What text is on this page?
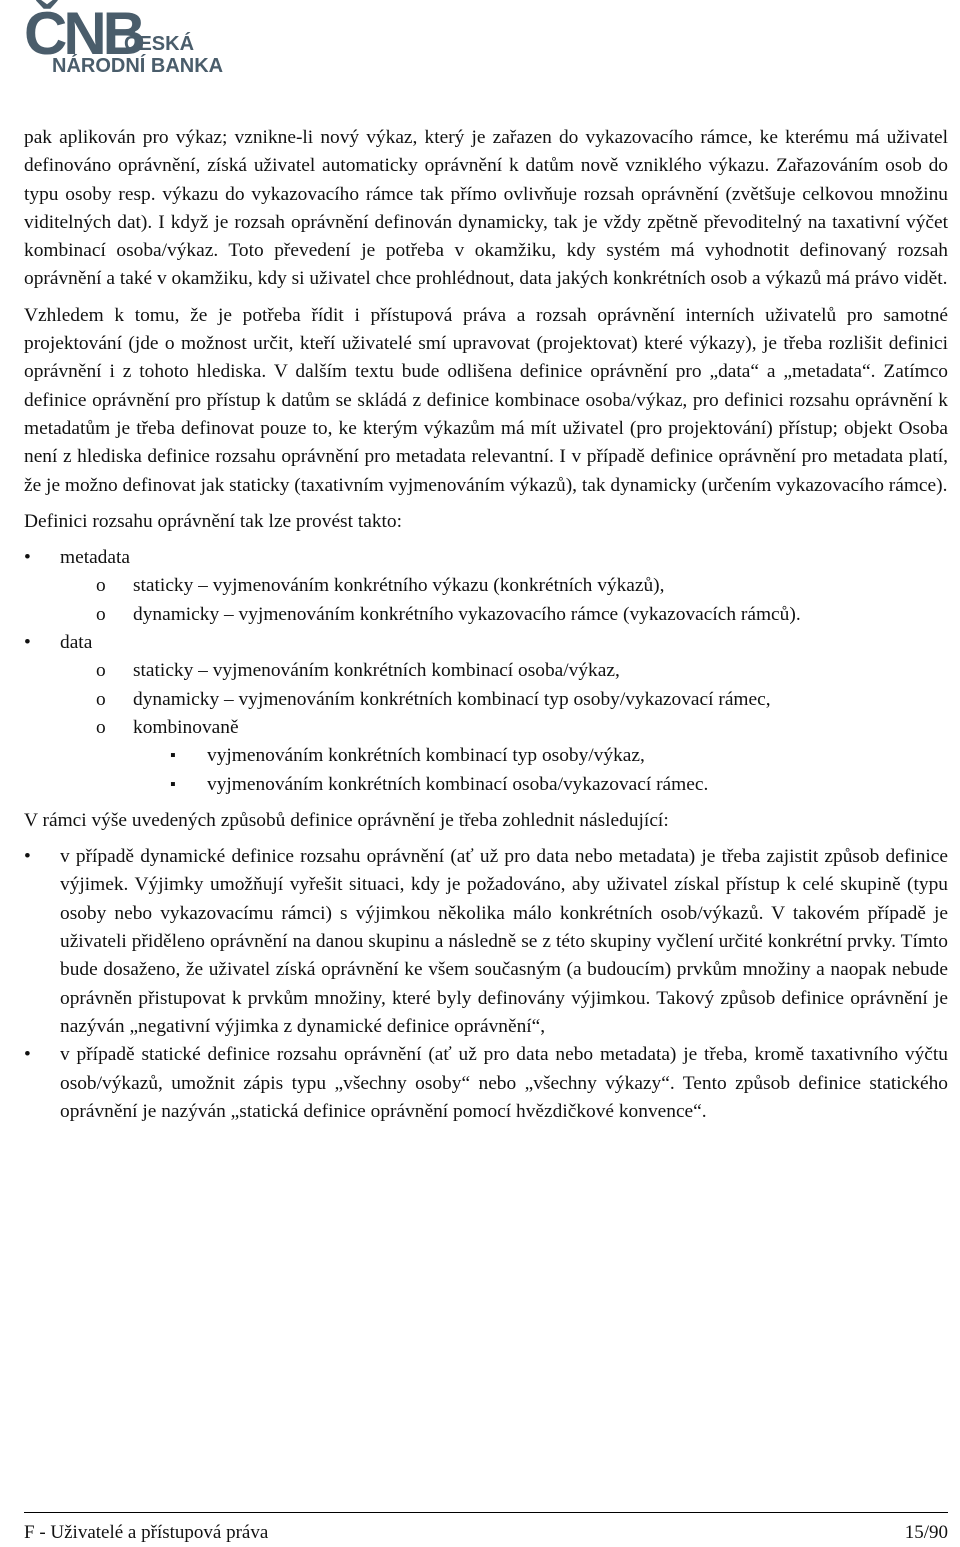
ČNB
ČESKÁ
NÁRODNÍ BANKA

pak aplikován pro výkaz; vznikne-li nový výkaz, který je zařazen do vykazovacího rámce, ke kterému má uživatel definováno oprávnění, získá uživatel automaticky oprávnění k datům nově vzniklého výkazu. Zařazováním osob do typu osoby resp. výkazu do vykazovacího rámce tak přímo ovlivňuje rozsah oprávnění (zvětšuje celkovou množinu viditelných dat). I když je rozsah oprávnění definován dynamicky, tak je vždy zpětně převoditelný na taxativní výčet kombinací osoba/výkaz. Toto převedení je potřeba v okamžiku, kdy systém má vyhodnotit definovaný rozsah oprávnění a také v okamžiku, kdy si uživatel chce prohlédnout, data jakých konkrétních osob a výkazů má právo vidět.

Vzhledem k tomu, že je potřeba řídit i přístupová práva a rozsah oprávnění interních uživatelů pro samotné projektování (jde o možnost určit, kteří uživatelé smí upravovat (projektovat) které výkazy), je třeba rozlišit definici oprávnění i z tohoto hlediska. V dalším textu bude odlišena definice oprávnění pro „data“ a „metadata“. Zatímco definice oprávnění pro přístup k datům se skládá z definice kombinace osoba/výkaz, pro definici rozsahu oprávnění k metadatům je třeba definovat pouze to, ke kterým výkazům má mít uživatel (pro projektování) přístup; objekt Osoba není z hlediska definice rozsahu oprávnění pro metadata relevantní. I v případě definice oprávnění pro metadata platí, že je možno definovat jak staticky (taxativním vyjmenováním výkazů), tak dynamicky (určením vykazovacího rámce).

Definici rozsahu oprávnění tak lze provést takto:

• metadata
o staticky – vyjmenováním konkrétního výkazu (konkrétních výkazů),
o dynamicky – vyjmenováním konkrétního vykazovacího rámce (vykazovacích rámců).
• data
o staticky – vyjmenováním konkrétních kombinací osoba/výkaz,
o dynamicky – vyjmenováním konkrétních kombinací typ osoby/vykazovací rámec,
o kombinovaně
▪ vyjmenováním konkrétních kombinací typ osoby/výkaz,
▪ vyjmenováním konkrétních kombinací osoba/vykazovací rámec.

V rámci výše uvedených způsobů definice oprávnění je třeba zohlednit následující:

• v případě dynamické definice rozsahu oprávnění (ať už pro data nebo metadata) je třeba zajistit způsob definice výjimek. Výjimky umožňují vyřešit situaci, kdy je požadováno, aby uživatel získal přístup k celé skupině (typu osoby nebo vykazovacímu rámci) s výjimkou několika málo konkrétních osob/výkazů. V takovém případě je uživateli přiděleno oprávnění na danou skupinu a následně se z této skupiny vyčlení určité konkrétní prvky. Tímto bude dosaženo, že uživatel získá oprávnění ke všem současným (a budoucím) prvkům množiny a naopak nebude oprávněn přistupovat k prvkům množiny, které byly definovány výjimkou. Takový způsob definice oprávnění je nazýván „negativní výjimka z dynamické definice oprávnění“,
• v případě statické definice rozsahu oprávnění (ať už pro data nebo metadata) je třeba, kromě taxativního výčtu osob/výkazů, umožnit zápis typu „všechny osoby“ nebo „všechny výkazy“. Tento způsob definice statického oprávnění je nazýván „statická definice oprávnění pomocí hvězdičkové konvence“.
F - Uživatelé a přístupová práva	15/90
